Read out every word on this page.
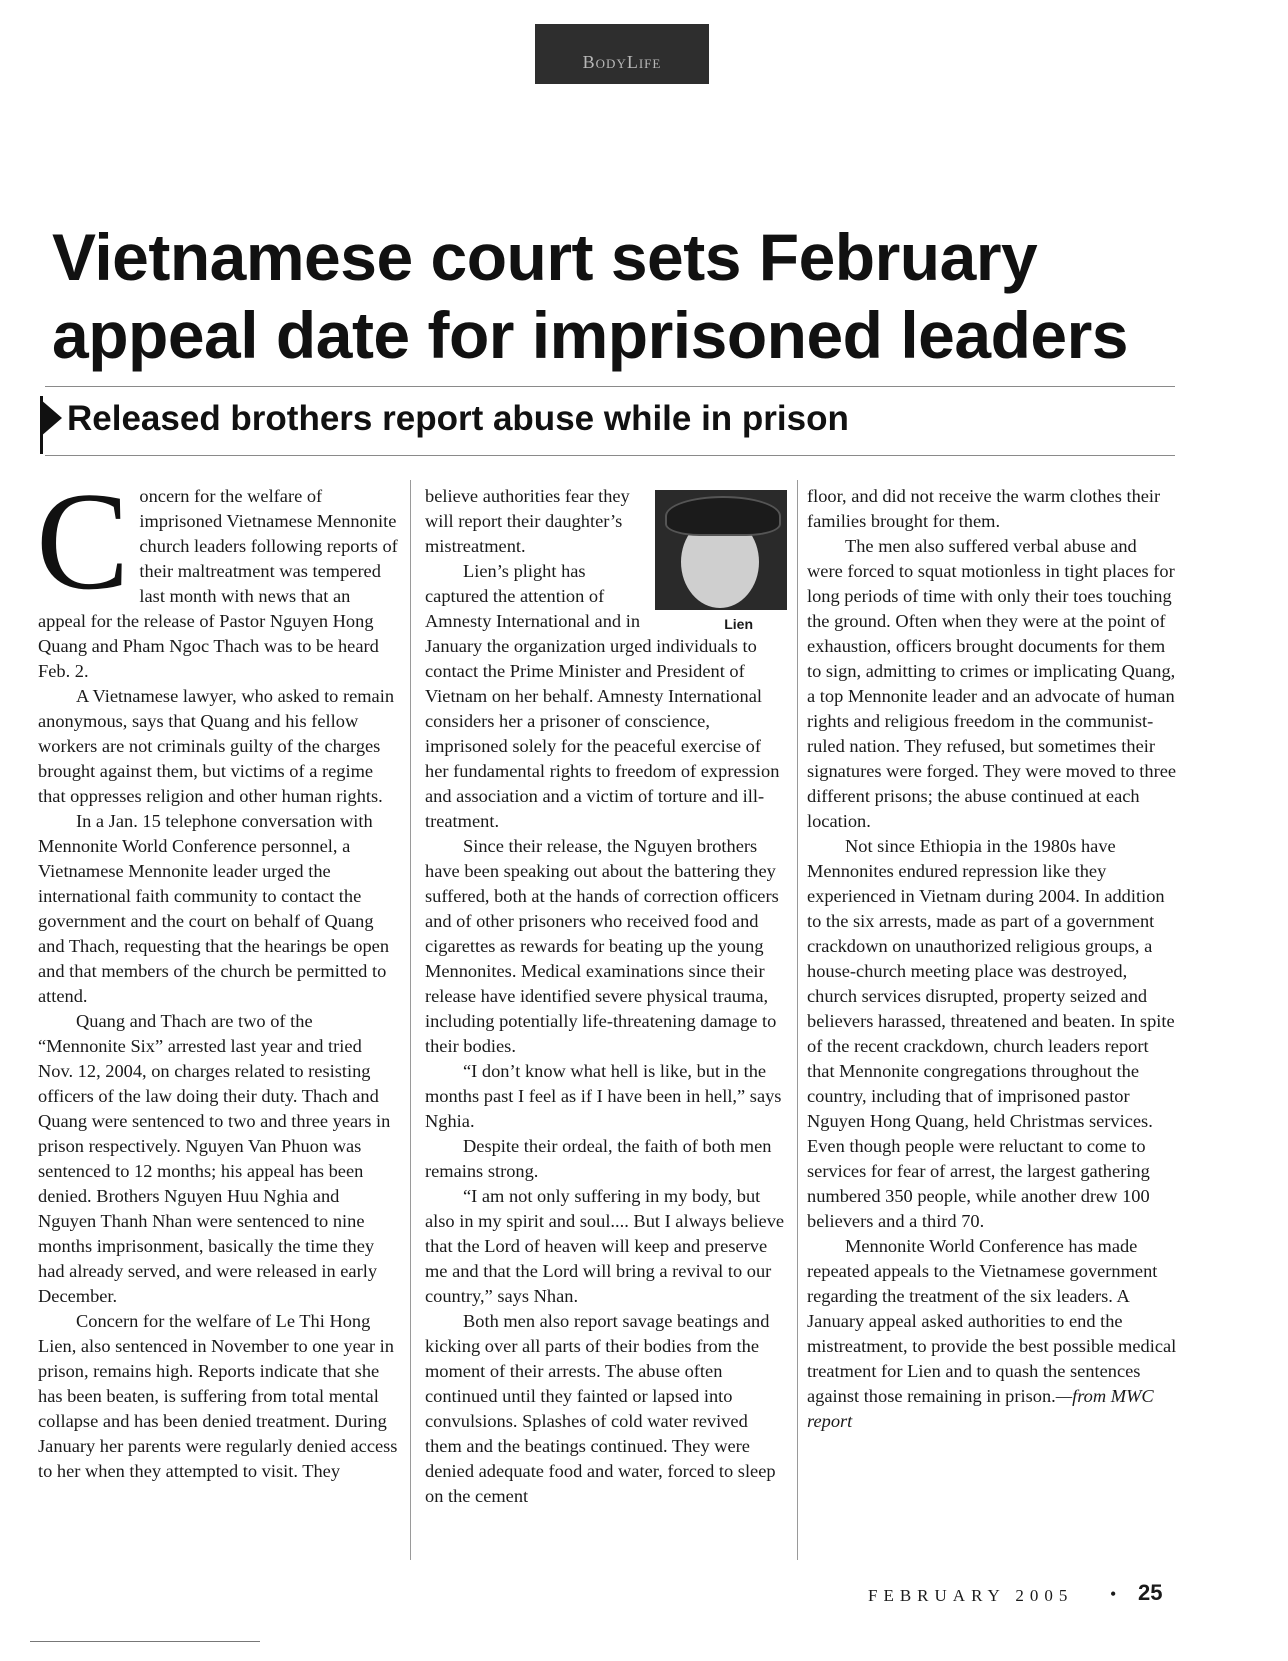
BodyLife
Vietnamese court sets February appeal date for imprisoned leaders
Released brothers report abuse while in prison
C oncern for the welfare of imprisoned Vietnamese Mennonite church leaders following reports of their maltreatment was tempered last month with news that an appeal for the release of Pastor Nguyen Hong Quang and Pham Ngoc Thach was to be heard Feb. 2.

A Vietnamese lawyer, who asked to remain anonymous, says that Quang and his fellow workers are not criminals guilty of the charges brought against them, but victims of a regime that oppresses religion and other human rights.

In a Jan. 15 telephone conversation with Mennonite World Conference personnel, a Vietnamese Mennonite leader urged the international faith community to contact the government and the court on behalf of Quang and Thach, requesting that the hearings be open and that members of the church be permitted to attend.

Quang and Thach are two of the “Mennonite Six” arrested last year and tried Nov. 12, 2004, on charges related to resisting officers of the law doing their duty. Thach and Quang were sentenced to two and three years in prison respectively. Nguyen Van Phuon was sentenced to 12 months; his appeal has been denied. Brothers Nguyen Huu Nghia and Nguyen Thanh Nhan were sentenced to nine months imprisonment, basically the time they had already served, and were released in early December.

Concern for the welfare of Le Thi Hong Lien, also sentenced in November to one year in prison, remains high. Reports indicate that she has been beaten, is suffering from total mental collapse and has been denied treatment. During January her parents were regularly denied access to her when they attempted to visit. They

Lien

believe authorities fear they will report their daughter’s mistreatment.

Lien’s plight has captured the attention of Amnesty International and in January the organization urged individuals to contact the Prime Minister and President of Vietnam on her behalf. Amnesty International considers her a prisoner of conscience, imprisoned solely for the peaceful exercise of her fundamental rights to freedom of expression and association and a victim of torture and ill-treatment.

Since their release, the Nguyen brothers have been speaking out about the battering they suffered, both at the hands of correction officers and of other prisoners who received food and cigarettes as rewards for beating up the young Mennonites. Medical examinations since their release have identified severe physical trauma, including potentially life-threatening damage to their bodies.

“I don’t know what hell is like, but in the months past I feel as if I have been in hell,” says Nghia.

Despite their ordeal, the faith of both men remains strong.

“I am not only suffering in my body, but also in my spirit and soul.... But I always believe that the Lord of heaven will keep and preserve me and that the Lord will bring a revival to our country,” says Nhan.

Both men also report savage beatings and kicking over all parts of their bodies from the moment of their arrests. The abuse often continued until they fainted or lapsed into convulsions. Splashes of cold water revived them and the beatings continued. They were denied adequate food and water, forced to sleep on the cement

floor, and did not receive the warm clothes their families brought for them.

The men also suffered verbal abuse and were forced to squat motionless in tight places for long periods of time with only their toes touching the ground. Often when they were at the point of exhaustion, officers brought documents for them to sign, admitting to crimes or implicating Quang, a top Mennonite leader and an advocate of human rights and religious freedom in the communist-ruled nation. They refused, but sometimes their signatures were forged. They were moved to three different prisons; the abuse continued at each location.

Not since Ethiopia in the 1980s have Mennonites endured repression like they experienced in Vietnam during 2004. In addition to the six arrests, made as part of a government crackdown on unauthorized religious groups, a house-church meeting place was destroyed, church services disrupted, property seized and believers harassed, threatened and beaten. In spite of the recent crackdown, church leaders report that Mennonite congregations throughout the country, including that of imprisoned pastor Nguyen Hong Quang, held Christmas services. Even though people were reluctant to come to services for fear of arrest, the largest gathering numbered 350 people, while another drew 100 believers and a third 70.

Mennonite World Conference has made repeated appeals to the Vietnamese government regarding the treatment of the six leaders. A January appeal asked authorities to end the mistreatment, to provide the best possible medical treatment for Lien and to quash the sentences against those remaining in prison.—from MWC report

FEBRUARY 2005 • 25
